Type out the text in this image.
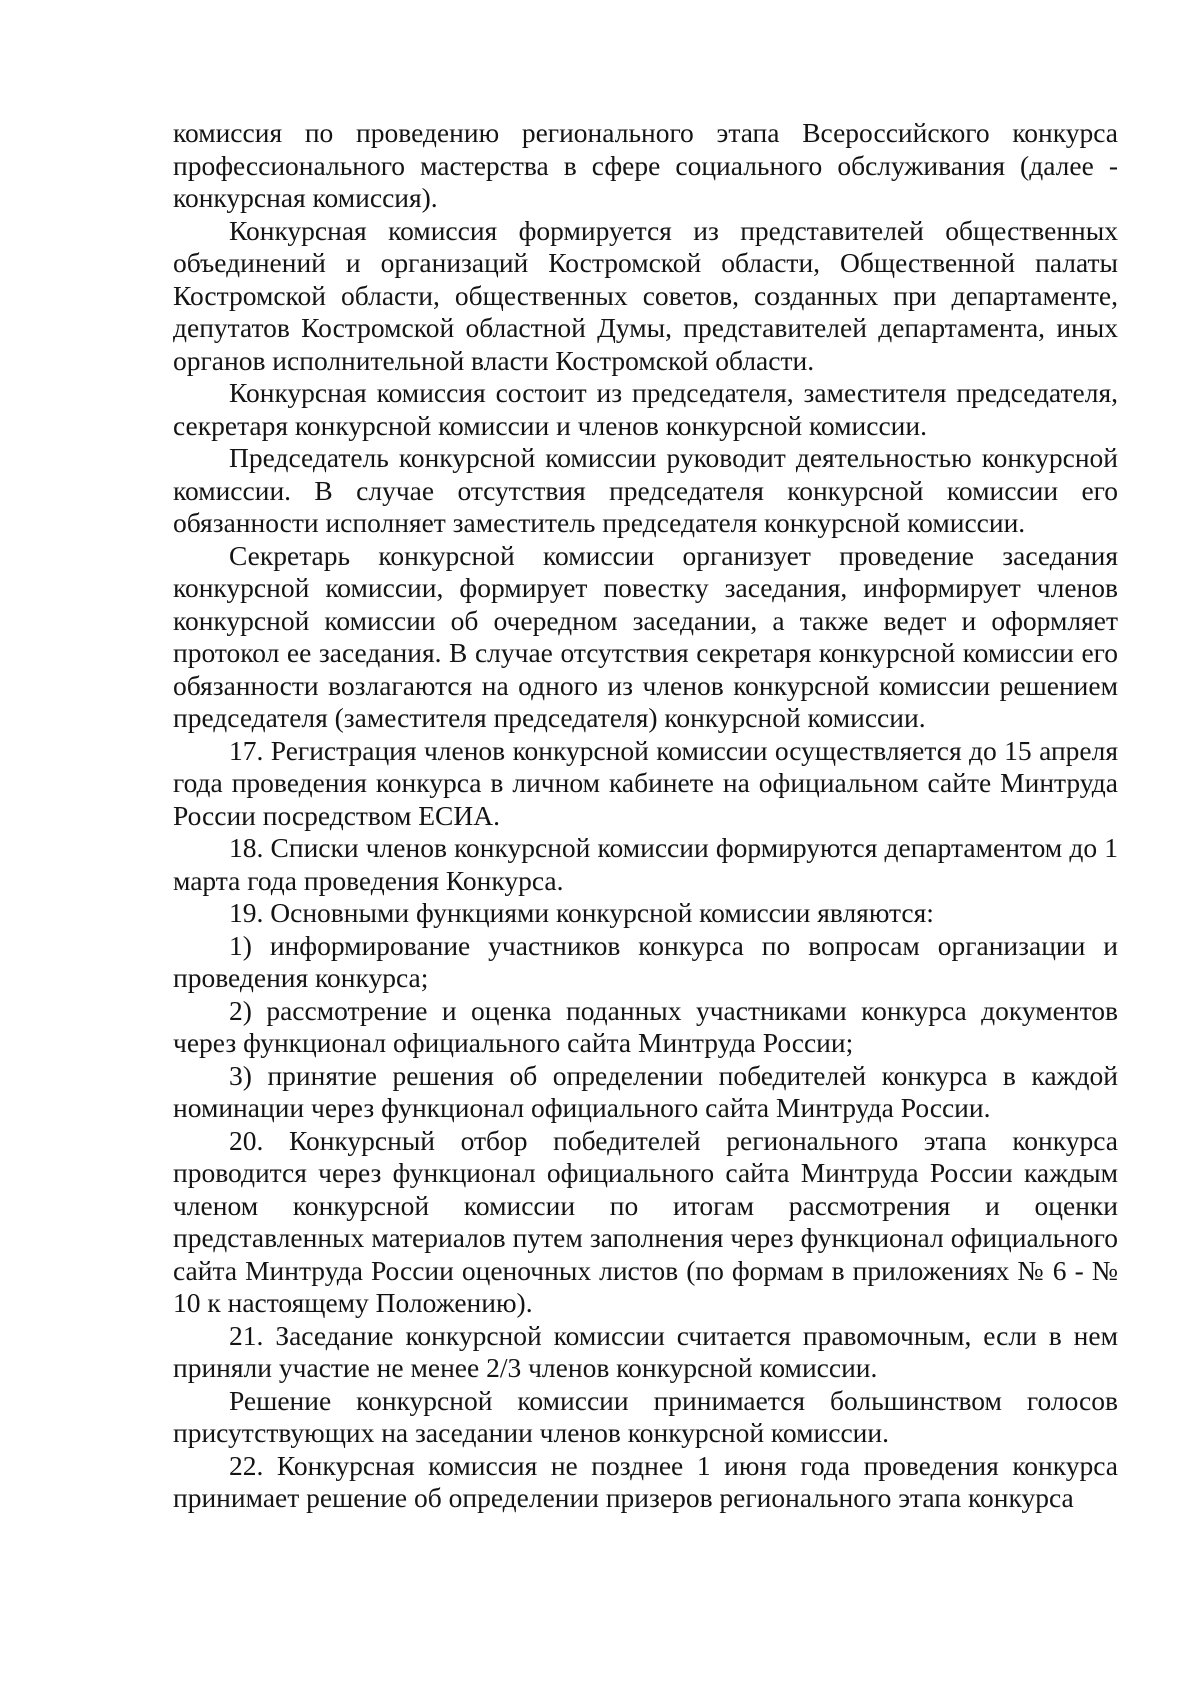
комиссия по проведению регионального этапа Всероссийского конкурса профессионального мастерства в сфере социального обслуживания (далее - конкурсная комиссия).

Конкурсная комиссия формируется из представителей общественных объединений и организаций Костромской области, Общественной палаты Костромской области, общественных советов, созданных при департаменте, депутатов Костромской областной Думы, представителей департамента, иных органов исполнительной власти Костромской области.

Конкурсная комиссия состоит из председателя, заместителя председателя, секретаря конкурсной комиссии и членов конкурсной комиссии.

Председатель конкурсной комиссии руководит деятельностью конкурсной комиссии. В случае отсутствия председателя конкурсной комиссии его обязанности исполняет заместитель председателя конкурсной комиссии.

Секретарь конкурсной комиссии организует проведение заседания конкурсной комиссии, формирует повестку заседания, информирует членов конкурсной комиссии об очередном заседании, а также ведет и оформляет протокол ее заседания. В случае отсутствия секретаря конкурсной комиссии его обязанности возлагаются на одного из членов конкурсной комиссии решением председателя (заместителя председателя) конкурсной комиссии.

17. Регистрация членов конкурсной комиссии осуществляется до 15 апреля года проведения конкурса в личном кабинете на официальном сайте Минтруда России посредством ЕСИА.

18. Списки членов конкурсной комиссии формируются департаментом до 1 марта года проведения Конкурса.

19. Основными функциями конкурсной комиссии являются:

1) информирование участников конкурса по вопросам организации и проведения конкурса;

2) рассмотрение и оценка поданных участниками конкурса документов через функционал официального сайта Минтруда России;

3) принятие решения об определении победителей конкурса в каждой номинации через функционал официального сайта Минтруда России.

20. Конкурсный отбор победителей регионального этапа конкурса проводится через функционал официального сайта Минтруда России каждым членом конкурсной комиссии по итогам рассмотрения и оценки представленных материалов путем заполнения через функционал официального сайта Минтруда России оценочных листов (по формам в приложениях № 6 - № 10 к настоящему Положению).

21. Заседание конкурсной комиссии считается правомочным, если в нем приняли участие не менее 2/3 членов конкурсной комиссии.

Решение конкурсной комиссии принимается большинством голосов присутствующих на заседании членов конкурсной комиссии.

22. Конкурсная комиссия не позднее 1 июня года проведения конкурса принимает решение об определении призеров регионального этапа конкурса
